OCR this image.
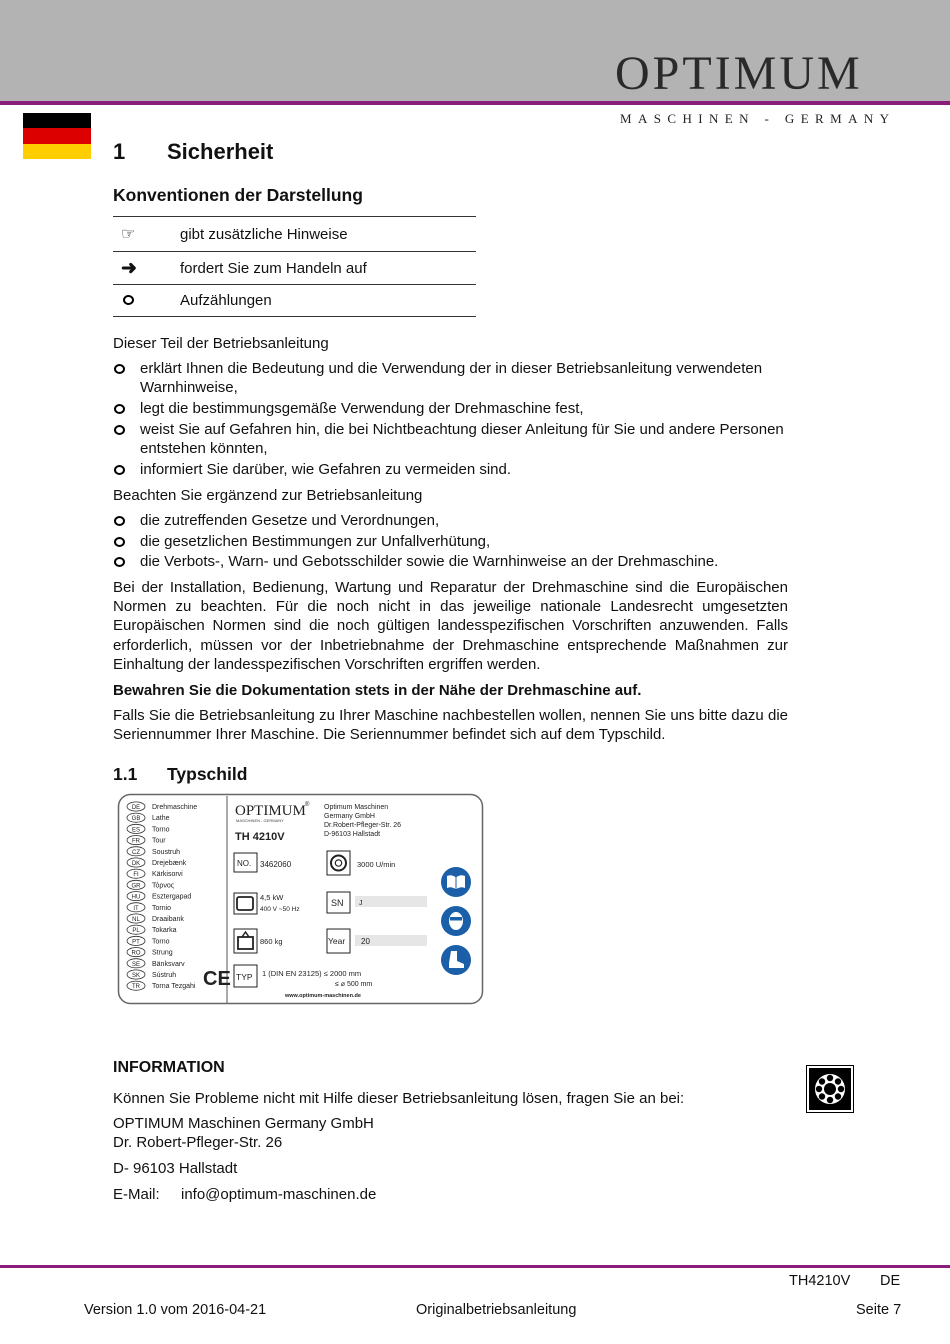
OPTIMUM
MASCHINEN - GERMANY
1 Sicherheit
Konventionen der Darstellung
☞	gibt zusätzliche Hinweise
➜	fordert Sie zum Handeln auf
Aufzählungen
Dieser Teil der Betriebsanleitung
erklärt Ihnen die Bedeutung und die Verwendung der in dieser Betriebsanleitung verwendeten Warnhinweise,
legt die bestimmungsgemäße Verwendung der Drehmaschine fest,
weist Sie auf Gefahren hin, die bei Nichtbeachtung dieser Anleitung für Sie und andere Personen entstehen könnten,
informiert Sie darüber, wie Gefahren zu vermeiden sind.
Beachten Sie ergänzend zur Betriebsanleitung
die zutreffenden Gesetze und Verordnungen,
die gesetzlichen Bestimmungen zur Unfallverhütung,
die Verbots-, Warn- und Gebotsschilder sowie die Warnhinweise an der Drehmaschine.
Bei der Installation, Bedienung, Wartung und Reparatur der Drehmaschine sind die Europäischen Normen zu beachten. Für die noch nicht in das jeweilige nationale Landesrecht umgesetzten Europäischen Normen sind die noch gültigen landesspezifischen Vorschriften anzuwenden. Falls erforderlich, müssen vor der Inbetriebnahme der Drehmaschine entsprechende Maßnahmen zur Einhaltung der landesspezifischen Vorschriften ergriffen werden.
Bewahren Sie die Dokumentation stets in der Nähe der Drehmaschine auf.
Falls Sie die Betriebsanleitung zu Ihrer Maschine nachbestellen wollen, nennen Sie uns bitte dazu die Seriennummer Ihrer Maschine. Die Seriennummer befindet sich auf dem Typschild.
1.1 Typschild
DE Drehmaschine
GB Lathe
ES Torno
FR Tour
CZ Soustruh
DK Drejebænk
FI Kärkisorvi
GR Τόρνος
HU Esztergapad
IT Tornio
NL Draaibank
PL Tokarka
PT Torno
RO Strung
SE Bänksvarv
SK Sústruh
TR Torna Tezgahi CE
OPTIMUM ®
MASCHINEN - GERMANY
TH 4210V
Optimum Maschinen
Germany GmbH
Dr.Robert-Pfleger-Str. 26
D-96103 Hallstadt
NO. 3462060	3000 U/min
4,5 kW
400 V ~50 Hz
SN J
860 kg	Year 20
TYP 1 (DIN EN 23125) ≤ 2000 mm
≤ ⌀ 500 mm
www.optimum-maschinen.de
INFORMATION
Können Sie Probleme nicht mit Hilfe dieser Betriebsanleitung lösen, fragen Sie an bei:
OPTIMUM Maschinen Germany GmbH
Dr. Robert-Pfleger-Str. 26
D- 96103 Hallstadt
E-Mail: info@optimum-maschinen.de
TH4210V DE
Version 1.0 vom 2016-04-21	Originalbetriebsanleitung	Seite 7
